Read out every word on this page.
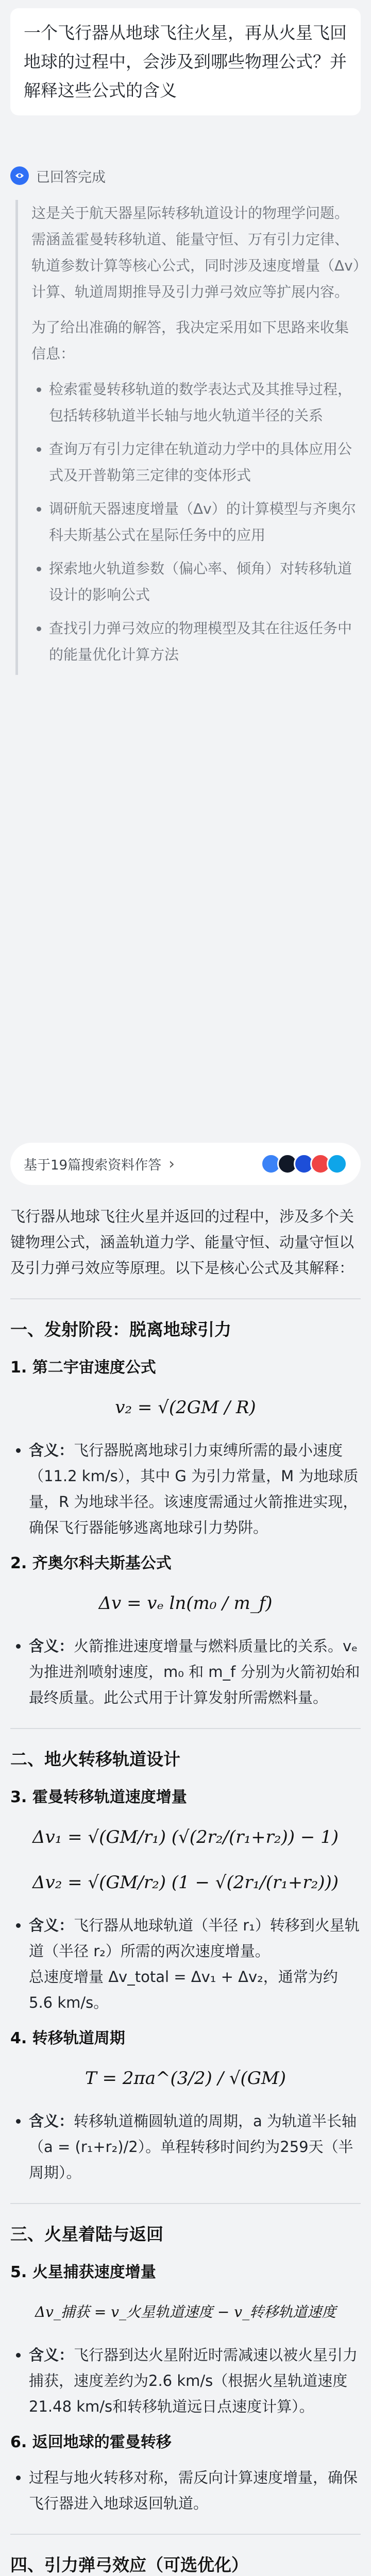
一个飞行器从地球飞往火星，再从火星飞回地球的过程中，会涉及到哪些物理公式？并解释这些公式的含义
已回答完成

这是关于航天器星际转移轨道设计的物理学问题。需涵盖霍曼转移轨道、能量守恒、万有引力定律、轨道参数计算等核心公式，同时涉及速度增量（Δv）计算、轨道周期推导及引力弹弓效应等扩展内容。

为了给出准确的解答，我决定采用如下思路来收集信息：

• 检索霍曼转移轨道的数学表达式及其推导过程，包括转移轨道半长轴与地火轨道半径的关系
• 查询万有引力定律在轨道动力学中的具体应用公式及开普勒第三定律的变体形式
• 调研航天器速度增量（Δv）的计算模型与齐奥尔科夫斯基公式在星际任务中的应用
• 探索地火轨道参数（偏心率、倾角）对转移轨道设计的影响公式
• 查找引力弹弓效应的物理模型及其在往返任务中的能量优化计算方法
基于19篇搜索资料作答 ›

飞行器从地球飞往火星并返回的过程中，涉及多个关键物理公式，涵盖轨道力学、能量守恒、动量守恒以及引力弹弓效应等原理。以下是核心公式及其解释：

一、发射阶段：脱离地球引力
1. 第二宇宙速度公式
v₂ = √(2GM / R)
• 含义：飞行器脱离地球引力束缚所需的最小速度（11.2 km/s），其中 G 为引力常量，M 为地球质量，R 为地球半径。该速度需通过火箭推进实现，确保飞行器能够逃离地球引力势阱。
2. 齐奥尔科夫斯基公式
Δv = vₑ ln(m₀ / m_f)
• 含义：火箭推进速度增量与燃料质量比的关系。vₑ 为推进剂喷射速度，m₀ 和 m_f 分别为火箭初始和最终质量。此公式用于计算发射所需燃料量。
二、地火转移轨道设计
3. 霍曼转移轨道速度增量
Δv₁ = √(GM/r₁) (√(2r₂/(r₁+r₂)) − 1)
Δv₂ = √(GM/r₂) (1 − √(2r₁/(r₁+r₂)))
• 含义：飞行器从地球轨道（半径 r₁）转移到火星轨道（半径 r₂）所需的两次速度增量。
总速度增量 Δv_total = Δv₁ + Δv₂，通常为约5.6 km/s。
4. 转移轨道周期
T = 2πa^(3/2) / √(GM)
• 含义：转移轨道椭圆轨道的周期，a 为轨道半长轴（a = (r₁+r₂)/2）。单程转移时间约为259天（半周期）。
三、火星着陆与返回
5. 火星捕获速度增量
Δv_捕获 = v_火星轨道速度 − v_转移轨道速度
• 含义：飞行器到达火星附近时需减速以被火星引力捕获，速度差约为2.6 km/s（根据火星轨道速度21.48 km/s和转移轨道远日点速度计算）。
6. 返回地球的霍曼转移
• 过程与地火转移对称，需反向计算速度增量，确保飞行器进入地球返回轨道。
四、引力弹弓效应（可选优化）
